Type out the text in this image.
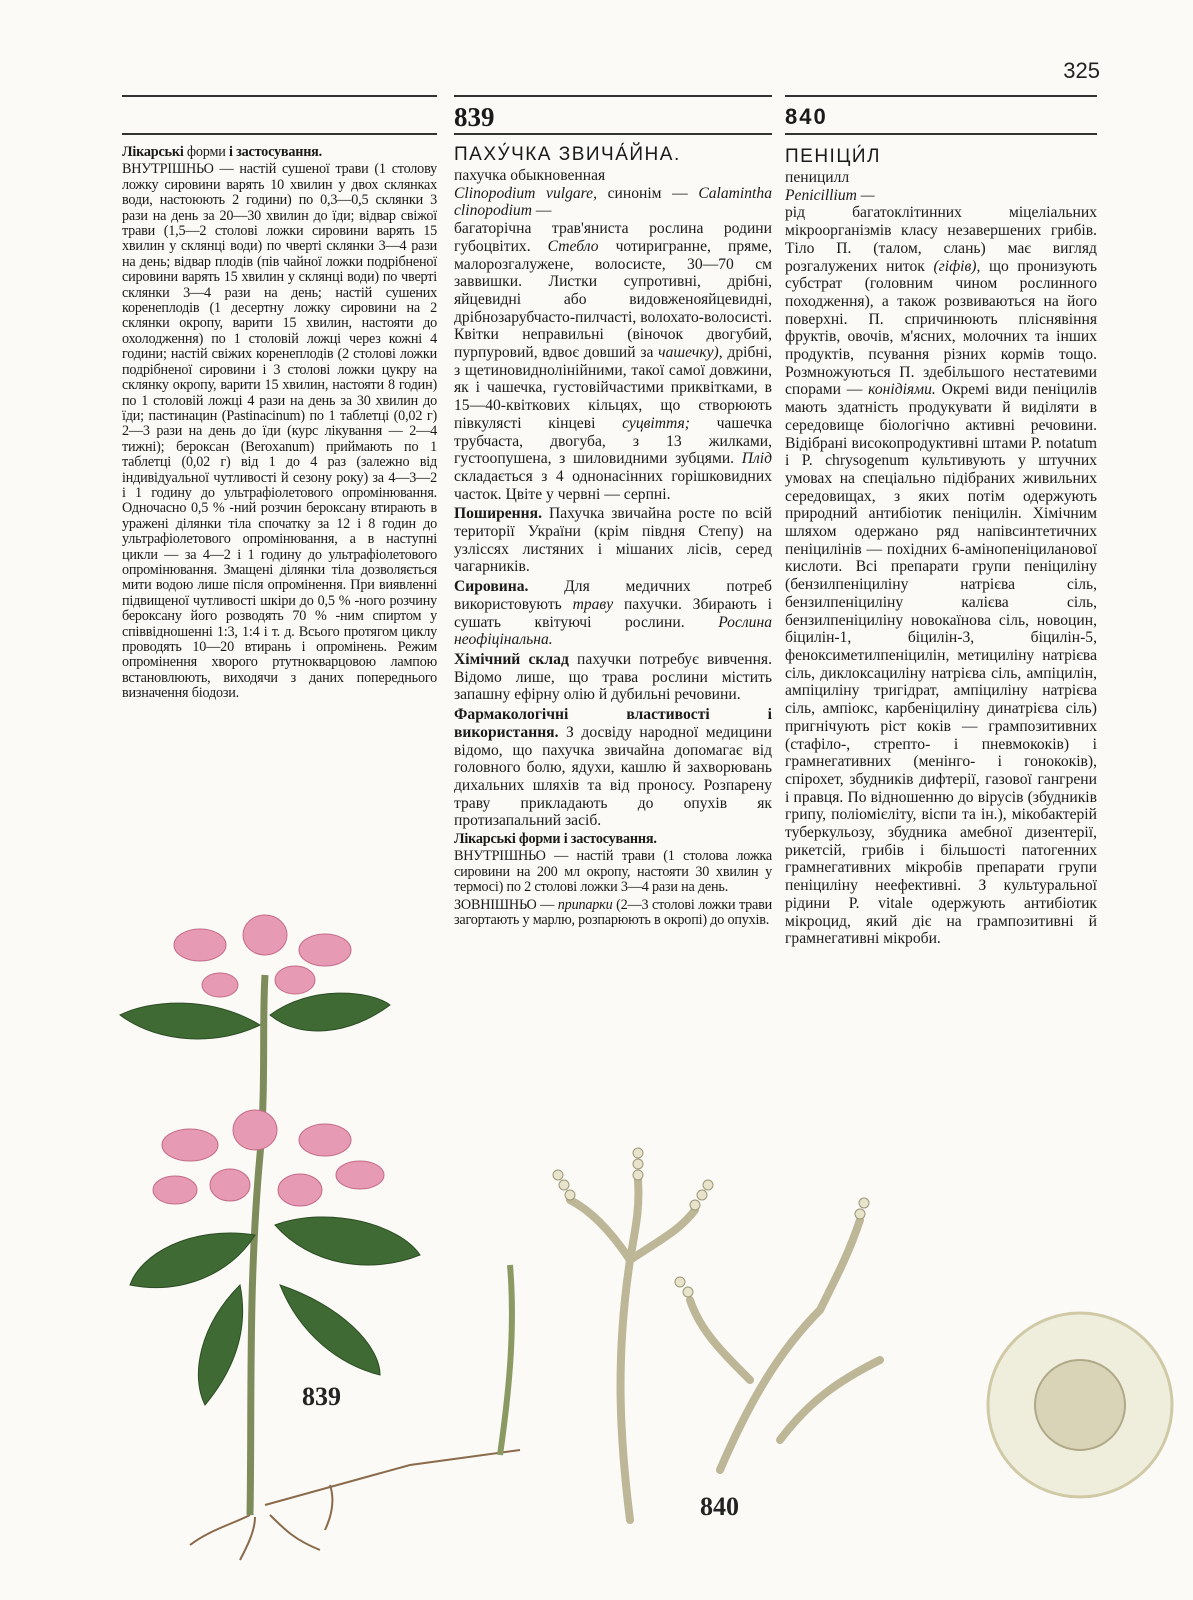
325

Лікарські форми і застосування.

ВНУТРІШНЬО — настій сушеної трави (1 столову ложку сировини варять 10 хвилин у двох склянках води, настоюють 2 години) по 0,3—0,5 склянки 3 рази на день за 20—30 хвилин до їди; відвар свіжої трави (1,5—2 столові ложки сировини варять 15 хвилин у склянці води) по чверті склянки 3—4 рази на день; відвар плодів (пів чайної ложки подрібненої сировини варять 15 хвилин у склянці води) по чверті склянки 3—4 рази на день; настій сушених коренеплодів (1 десертну ложку сировини на 2 склянки окропу, варити 15 хвилин, настояти до охолодження) по 1 столовій ложці через кожні 4 години; настій свіжих коренеплодів (2 столові ложки подрібненої сировини і 3 столові ложки цукру на склянку окропу, варити 15 хвилин, настояти 8 годин) по 1 столовій ложці 4 рази на день за 30 хвилин до їди; пастинацин (Pastinacinum) по 1 таблетці (0,02 г) 2—3 рази на день до їди (курс лікування — 2—4 тижні); бероксан (Beroxanum) приймають по 1 таблетці (0,02 г) від 1 до 4 раз (залежно від індивідуальної чутливості й сезону року) за 4—3—2 і 1 годину до ультрафіолетового опромінювання. Одночасно 0,5 % -ний розчин бероксану втирають в уражені ділянки тіла спочатку за 12 і 8 годин до ультрафіолетового опромінювання, а в наступні цикли — за 4—2 і 1 годину до ультрафіолетового опромінювання. Змащені ділянки тіла дозволяється мити водою лише після опромінення. При виявленні підвищеної чутливості шкіри до 0,5 % -ного розчину бероксану його розводять 70 % -ним спиртом у співвідношенні 1:3, 1:4 і т. д. Всього протягом циклу проводять 10—20 втирань і опромінень. Режим опромінення хворого ртутнокварцовою лампою встановлюють, виходячи з даних попереднього визначення біодози.

839
ПАХУ́ЧКА ЗВИЧА́ЙНА.

пахучка обыкновенная

Clinopodium vulgare, синонім — Calamintha clinopodium —

багаторічна трав'яниста рослина родини губоцвітих. Стебло чотиригранне, пряме, малорозгалужене, волосисте, 30—70 см заввишки. Листки супротивні, дрібні, яйцевидні або видовженояйцевидні, дрібнозарубчасто-пилчасті, волохато-волосисті. Квітки неправильні (віночок двогубий, пурпуровий, вдвоє довший за чашечку), дрібні, з щетиновиднолінійними, такої самої довжини, як і чашечка, густовійчастими приквітками, в 15—40-квіткових кільцях, що створюють півкулясті кінцеві суцвіття; чашечка трубчаста, двогуба, з 13 жилками, густоопушена, з шиловидними зубцями. Плід складається з 4 однонасінних горішковидних часток. Цвіте у червні — серпні.

Поширення. Пахучка звичайна росте по всій території України (крім півдня Степу) на узліссях листяних і мішаних лісів, серед чагарників.

Сировина. Для медичних потреб використовують траву пахучки. Збирають і сушать квітуючі рослини. Рослина неофіцінальна.

Хімічний склад пахучки потребує вивчення. Відомо лише, що трава рослини містить запашну ефірну олію й дубильні речовини.

Фармакологічні властивості і використання. З досвіду народної медицини відомо, що пахучка звичайна допомагає від головного болю, ядухи, кашлю й захворювань дихальних шляхів та від проносу. Розпарену траву прикладають до опухів як протизапальний засіб.

Лікарські форми і застосування.

ВНУТРІШНЬО — настій трави (1 столова ложка сировини на 200 мл окропу, настояти 30 хвилин у термосі) по 2 столові ложки 3—4 рази на день.

ЗОВНІШНЬО — припарки (2—3 столові ложки трави загортають у марлю, розпарюють в окропі) до опухів.

840
ПЕНІЦИ́Л

пеницилл

Penicillium —

рід багатоклітинних міцеліальних мікроорганізмів класу незавершених грибів. Тіло П. (талом, слань) має вигляд розгалужених ниток (гіфів), що пронизують субстрат (головним чином рослинного походження), а також розвиваються на його поверхні. П. спричинюють пліснявіння фруктів, овочів, м'ясних, молочних та інших продуктів, псування різних кормів тощо. Розмножуються П. здебільшого нестатевими спорами — конідіями. Окремі види пеніцилів мають здатність продукувати й виділяти в середовище біологічно активні речовини. Відібрані високопродуктивні штами P. notatum і P. chrysogenum культивують у штучних умовах на спеціально підібраних живильних середовищах, з яких потім одержують природний антибіотик пеніцилін. Хімічним шляхом одержано ряд напівсинтетичних пеніцилінів — похідних 6-амінопеніциланової кислоти. Всі препарати групи пеніциліну (бензилпеніциліну натрієва сіль, бензилпеніциліну калієва сіль, бензилпеніциліну новокаїнова сіль, новоцин, біцилін-1, біцилін-3, біцилін-5, феноксиметилпеніцилін, метициліну натрієва сіль, диклоксациліну натрієва сіль, ампіцилін, ампіциліну тригідрат, ампіциліну натрієва сіль, ампіокс, карбеніциліну динатрієва сіль) пригнічують ріст коків — грампозитивних (стафіло-, стрепто- і пневмококів) і грамнегативних (менінго- і гонококів), спірохет, збудників дифтерії, газової гангрени і правця. По відношенню до вірусів (збудників грипу, поліомієліту, віспи та ін.), мікобактерій туберкульозу, збудника амебної дизентерії, рикетсій, грибів і більшості патогенних грамнегативних мікробів препарати групи пеніциліну неефективні. З культуральної рідини P. vitale одержують антибіотик мікроцид, який діє на грампозитивні й грамнегативні мікроби.

839
840
